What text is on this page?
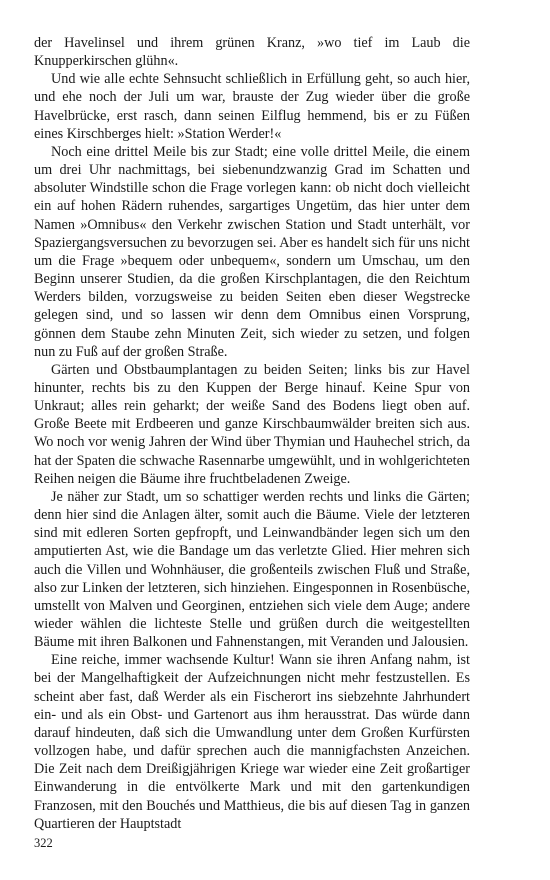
der Havelinsel und ihrem grünen Kranz, »wo tief im Laub die Knupperkirschen glühn«.

Und wie alle echte Sehnsucht schließlich in Erfüllung geht, so auch hier, und ehe noch der Juli um war, brauste der Zug wieder über die große Havelbrücke, erst rasch, dann seinen Eilflug hemmend, bis er zu Füßen eines Kirschberges hielt: »Station Werder!«

Noch eine drittel Meile bis zur Stadt; eine volle drittel Meile, die einem um drei Uhr nachmittags, bei siebenundzwanzig Grad im Schatten und absoluter Windstille schon die Frage vorlegen kann: ob nicht doch vielleicht ein auf hohen Rädern ruhendes, sargartiges Ungetüm, das hier unter dem Namen »Omnibus« den Verkehr zwischen Station und Stadt unterhält, vor Spaziergangsversuchen zu bevorzugen sei. Aber es handelt sich für uns nicht um die Frage »bequem oder unbequem«, sondern um Umschau, um den Beginn unserer Studien, da die großen Kirschplantagen, die den Reichtum Werders bilden, vorzugsweise zu beiden Seiten eben dieser Wegstrecke gelegen sind, und so lassen wir denn dem Omnibus einen Vorsprung, gönnen dem Staube zehn Minuten Zeit, sich wieder zu setzen, und folgen nun zu Fuß auf der großen Straße.

Gärten und Obstbaumplantagen zu beiden Seiten; links bis zur Havel hinunter, rechts bis zu den Kuppen der Berge hinauf. Keine Spur von Unkraut; alles rein geharkt; der weiße Sand des Bodens liegt oben auf. Große Beete mit Erdbeeren und ganze Kirschbaumwälder breiten sich aus. Wo noch vor wenig Jahren der Wind über Thymian und Hauhechel strich, da hat der Spaten die schwache Rasennarbe umgewühlt, und in wohlgerichteten Reihen neigen die Bäume ihre fruchtbeladenen Zweige.

Je näher zur Stadt, um so schattiger werden rechts und links die Gärten; denn hier sind die Anlagen älter, somit auch die Bäume. Viele der letzteren sind mit edleren Sorten gepfropft, und Leinwandbänder legen sich um den amputierten Ast, wie die Bandage um das verletzte Glied. Hier mehren sich auch die Villen und Wohnhäuser, die großenteils zwischen Fluß und Straße, also zur Linken der letzteren, sich hinziehen. Eingesponnen in Rosenbüsche, umstellt von Malven und Georginen, entziehen sich viele dem Auge; andere wieder wählen die lichteste Stelle und grüßen durch die weitgestellten Bäume mit ihren Balkonen und Fahnenstangen, mit Veranden und Jalousien.

Eine reiche, immer wachsende Kultur! Wann sie ihren Anfang nahm, ist bei der Mangelhaftigkeit der Aufzeichnungen nicht mehr festzustellen. Es scheint aber fast, daß Werder als ein Fischerort ins siebzehnte Jahrhundert ein- und als ein Obst- und Gartenort aus ihm herausstrat. Das würde dann darauf hindeuten, daß sich die Umwandlung unter dem Großen Kurfürsten vollzogen habe, und dafür sprechen auch die mannigfachsten Anzeichen. Die Zeit nach dem Dreißigjährigen Kriege war wieder eine Zeit großartiger Einwanderung in die entvölkerte Mark und mit den gartenkundigen Franzosen, mit den Bouchés und Matthieus, die bis auf diesen Tag in ganzen Quartieren der Hauptstadt

322
